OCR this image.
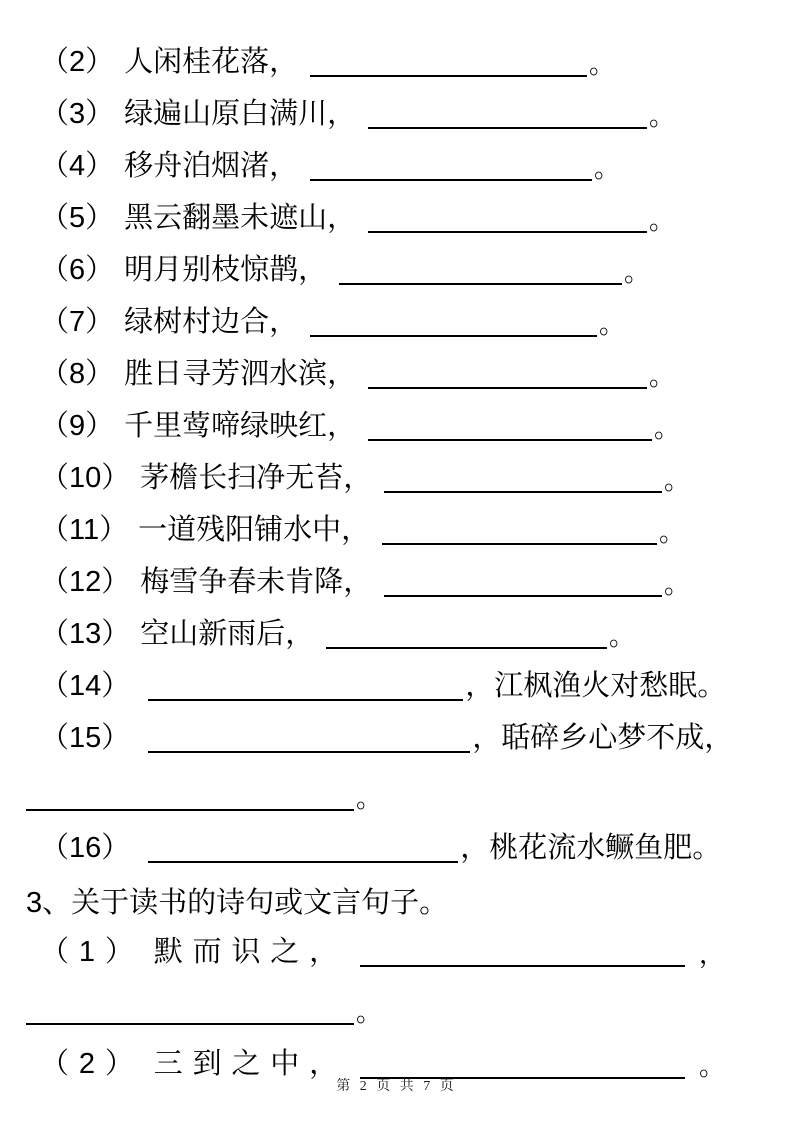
（2） 人闲桂花落，	。
（3） 绿遍山原白满川，	。
（4） 移舟泊烟渚，	。
（5） 黑云翻墨未遮山，	。
（6） 明月别枝惊鹊，	。
（7） 绿树村边合，	。
（8） 胜日寻芳泗水滨，	。
（9） 千里莺啼绿映红，	。
（10） 茅檐长扫净无苔，	。
（11） 一道残阳铺水中，	。
（12） 梅雪争春未肯降，	。
（13） 空山新雨后，	。
（14）	，江枫渔火对愁眠。
（15）	，聒碎乡心梦不成，
。
（16）	，桃花流水鳜鱼肥。
3、关于读书的诗句或文言句子。
（1） 默而识之，	，
。
（2） 三到之中，	。
第 2 页 共 7 页
